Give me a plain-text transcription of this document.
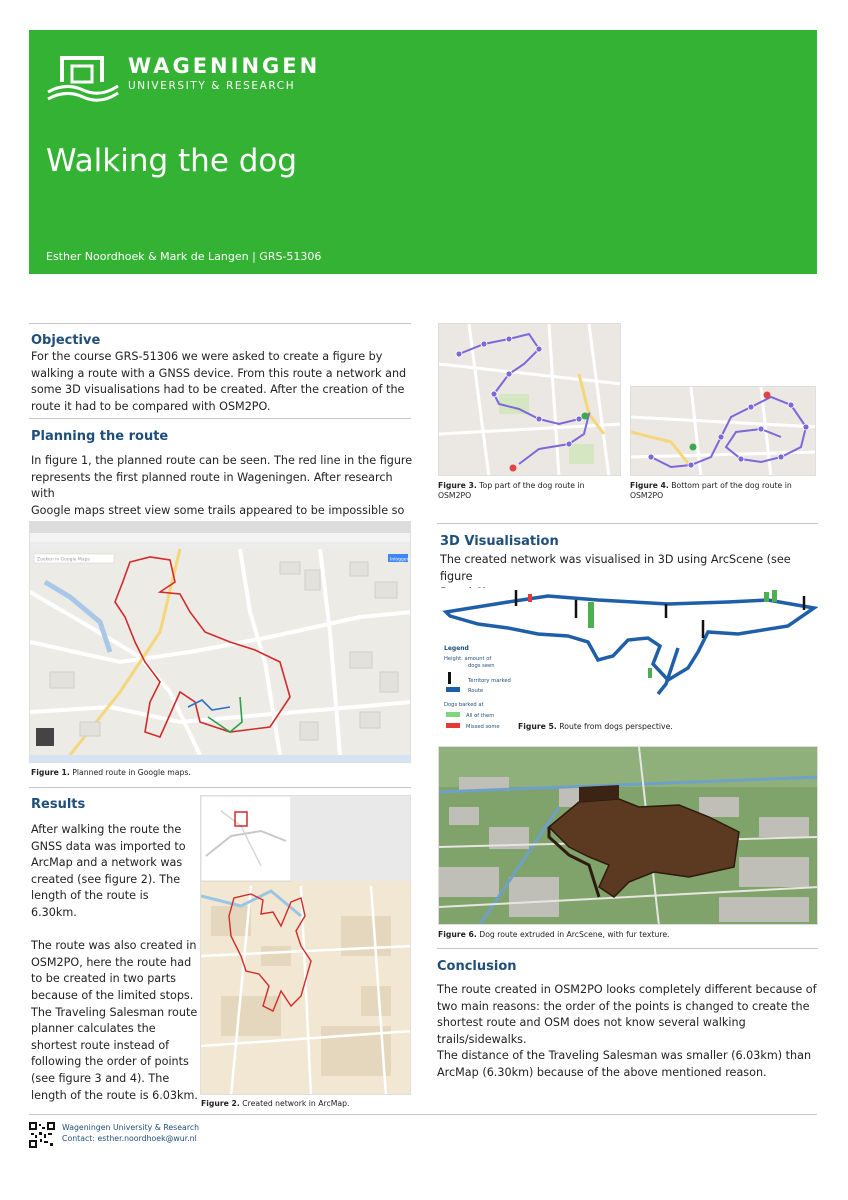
WAGENINGEN
UNIVERSITY & RESEARCH
Walking the dog
Esther Noordhoek & Mark de Langen | GRS-51306
Objective
For the course GRS-51306 we were asked to create a figure by
walking a route with a GNSS device. From this route a network and
some 3D visualisations had to be created. After the creation of the
route it had to be compared with OSM2PO.
Planning the route
In figure 1, the planned route can be seen. The red line in the figure
represents the first planned route in Wageningen. After research with
Google maps street view some trails appeared to be impossible so
Inloggen
Zoeken in Google Maps
Figure 1. Planned route in Google maps.
Results
After walking the route the
GNSS data was imported to
ArcMap and a network was
created (see figure 2). The
length of the route is
6.30km.
The route was also created in
OSM2PO, here the route had
to be created in two parts
because of the limited stops.
The Traveling Salesman route
planner calculates the
shortest route instead of
following the order of points
(see figure 3 and 4). The
length of the route is 6.03km.
Figure 2. Created network in ArcMap.
Figure 3. Top part of the dog route in
OSM2PO
Figure 4. Bottom part of the dog route in
OSM2PO
3D Visualisation
The created network was visualised in 3D using ArcScene (see figure
Legend
Height: amount of
dogs seen
Territory marked
Route
Dogs barked at
All of them
Missed some Figure 5. Route from dogs perspective.
Figure 6. Dog route extruded in ArcScene, with fur texture.
Conclusion
The route created in OSM2PO looks completely different because of
two main reasons: the order of the points is changed to create the
shortest route and OSM does not know several walking
trails/sidewalks.
The distance of the Traveling Salesman was smaller (6.03km) than
ArcMap (6.30km) because of the above mentioned reason.
Wageningen University & Research
Contact: esther.noordhoek@wur.nl
